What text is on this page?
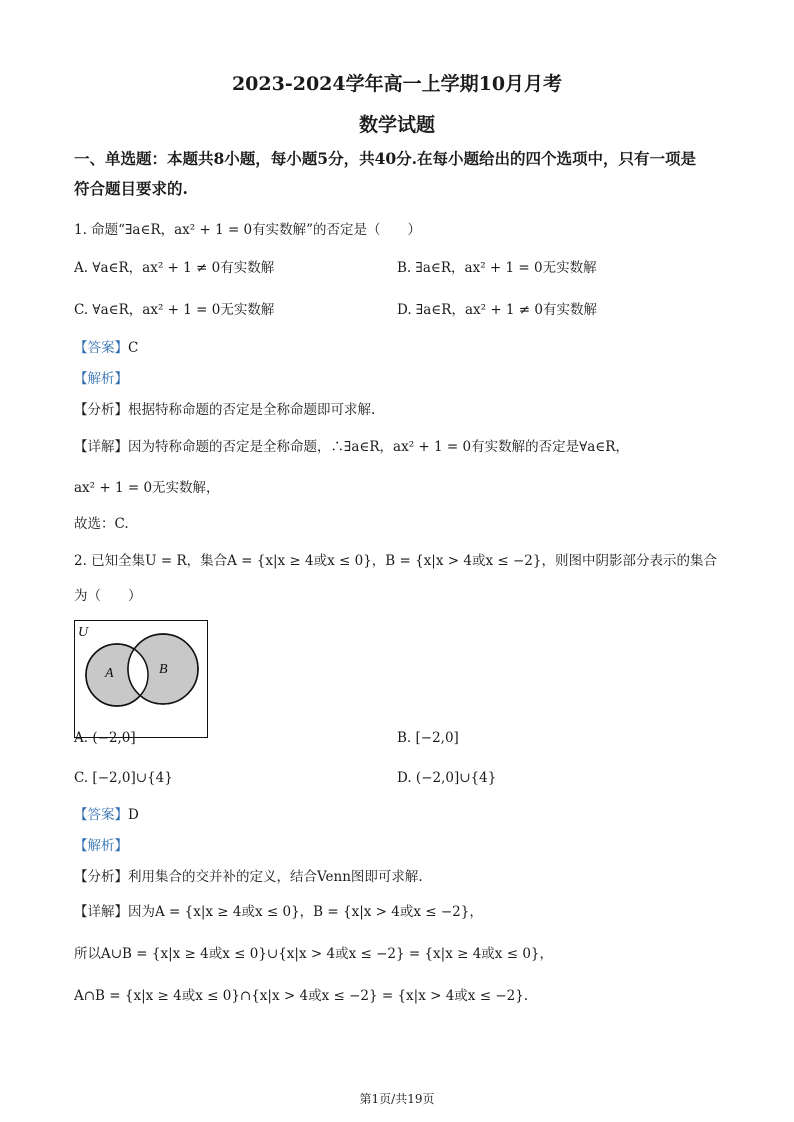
2023-2024学年高一上学期10月月考
数学试题
一、单选题：本题共8小题，每小题5分，共40分.在每小题给出的四个选项中，只有一项是
符合题目要求的.
1. 命题“∃a∈R，ax² + 1 = 0有实数解”的否定是（　　）
A. ∀a∈R，ax² + 1 ≠ 0有实数解	B. ∃a∈R，ax² + 1 = 0无实数解
C. ∀a∈R，ax² + 1 = 0无实数解	D. ∃a∈R，ax² + 1 ≠ 0有实数解
【答案】C
【解析】
【分析】根据特称命题的否定是全称命题即可求解.
【详解】因为特称命题的否定是全称命题，∴∃a∈R，ax² + 1 = 0有实数解的否定是∀a∈R，
ax² + 1 = 0无实数解，
故选：C.
2. 已知全集U = R，集合A = {x|x ≥ 4或x ≤ 0}，B = {x|x > 4或x ≤ −2}，则图中阴影部分表示的集合
为（　　）
U
A	B
A. (−2,0]	B. [−2,0]
C. [−2,0]∪{4}	D. (−2,0]∪{4}
【答案】D
【解析】
【分析】利用集合的交并补的定义，结合Venn图即可求解.
【详解】因为A = {x|x ≥ 4或x ≤ 0}，B = {x|x > 4或x ≤ −2}，
所以A∪B = {x|x ≥ 4或x ≤ 0}∪{x|x > 4或x ≤ −2} = {x|x ≥ 4或x ≤ 0}，
A∩B = {x|x ≥ 4或x ≤ 0}∩{x|x > 4或x ≤ −2} = {x|x > 4或x ≤ −2}.
第1页/共19页
